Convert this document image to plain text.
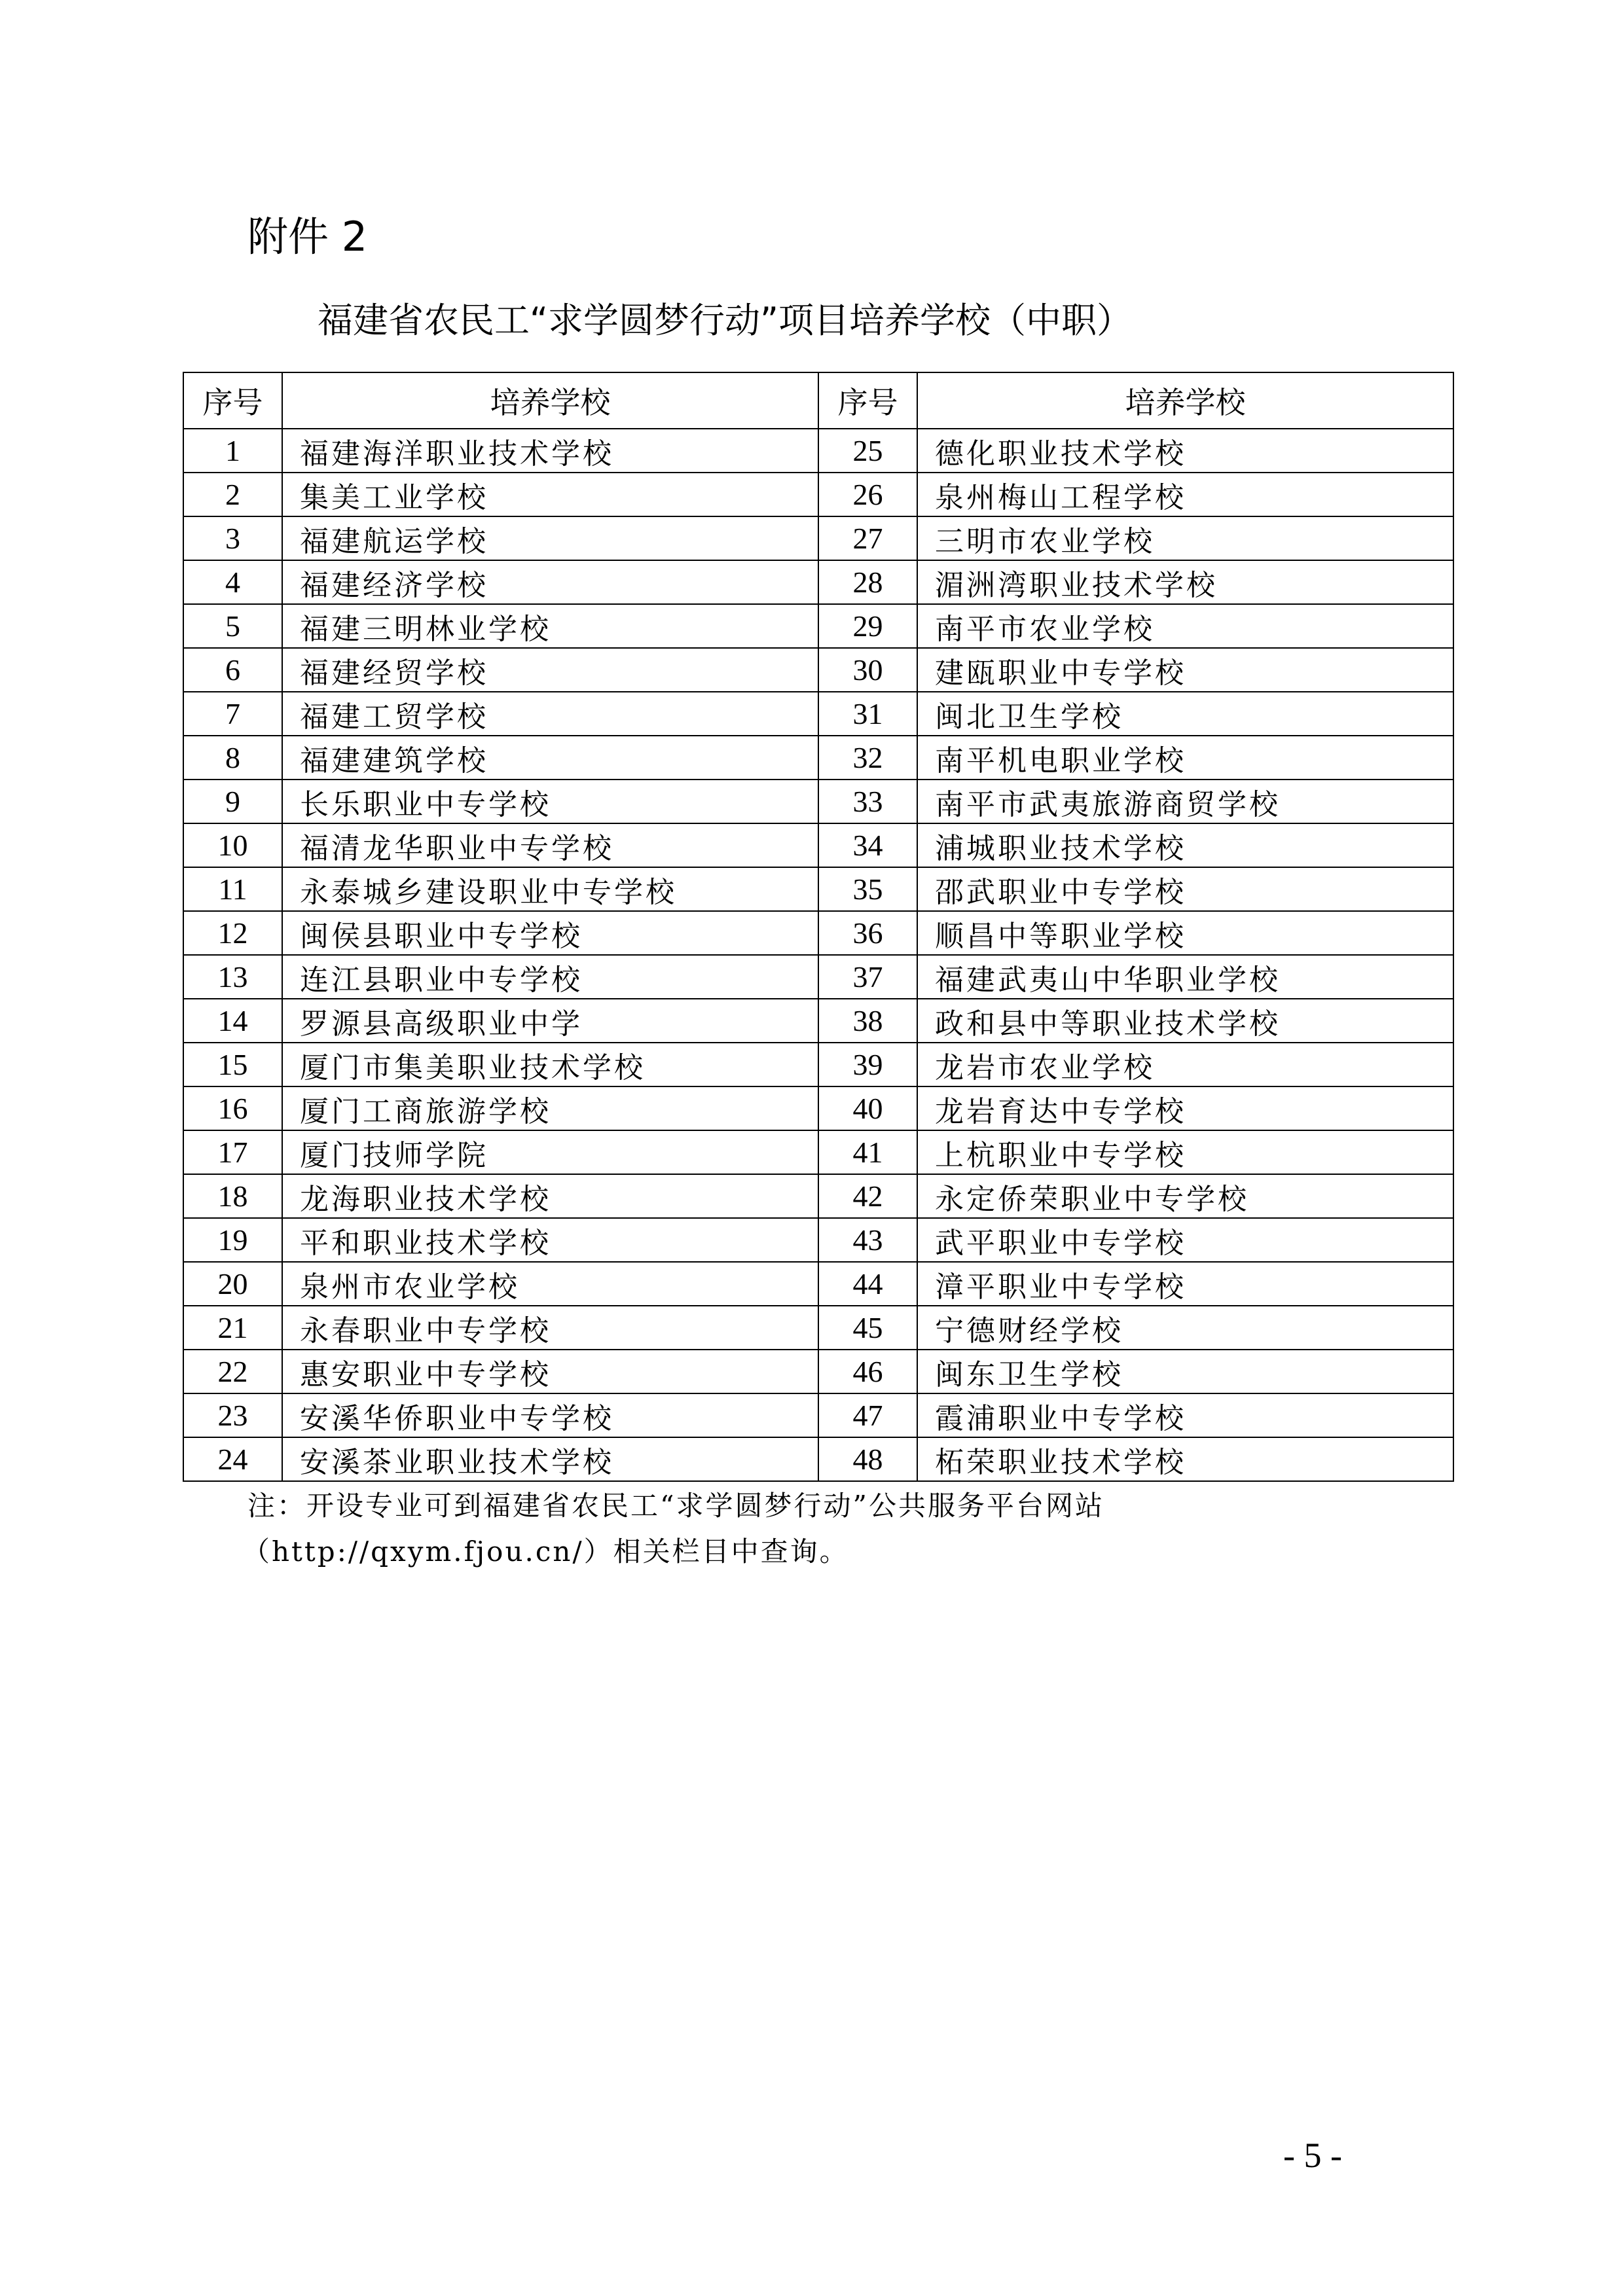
附件 2
福建省农民工“求学圆梦行动”项目培养学校（中职）
序号	培养学校	序号	培养学校
1	福建海洋职业技术学校	25	德化职业技术学校
2	集美工业学校	26	泉州梅山工程学校
3	福建航运学校	27	三明市农业学校
4	福建经济学校	28	湄洲湾职业技术学校
5	福建三明林业学校	29	南平市农业学校
6	福建经贸学校	30	建瓯职业中专学校
7	福建工贸学校	31	闽北卫生学校
8	福建建筑学校	32	南平机电职业学校
9	长乐职业中专学校	33	南平市武夷旅游商贸学校
10	福清龙华职业中专学校	34	浦城职业技术学校
11	永泰城乡建设职业中专学校	35	邵武职业中专学校
12	闽侯县职业中专学校	36	顺昌中等职业学校
13	连江县职业中专学校	37	福建武夷山中华职业学校
14	罗源县高级职业中学	38	政和县中等职业技术学校
15	厦门市集美职业技术学校	39	龙岩市农业学校
16	厦门工商旅游学校	40	龙岩育达中专学校
17	厦门技师学院	41	上杭职业中专学校
18	龙海职业技术学校	42	永定侨荣职业中专学校
19	平和职业技术学校	43	武平职业中专学校
20	泉州市农业学校	44	漳平职业中专学校
21	永春职业中专学校	45	宁德财经学校
22	惠安职业中专学校	46	闽东卫生学校
23	安溪华侨职业中专学校	47	霞浦职业中专学校
24	安溪茶业职业技术学校	48	柘荣职业技术学校
注：开设专业可到福建省农民工“求学圆梦行动”公共服务平台网站
（http://qxym.fjou.cn/）相关栏目中查询。
- 5 -
